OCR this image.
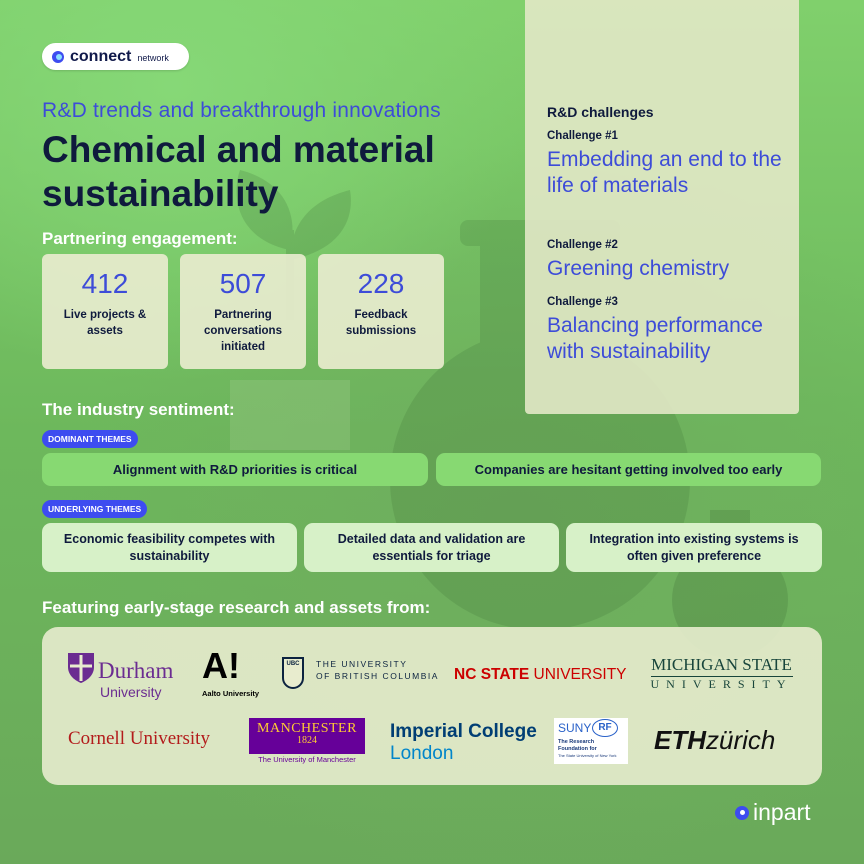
connect network
R&D trends and breakthrough innovations
Chemical and material sustainability
Partnering engagement:
412
Live projects & assets
507
Partnering conversations initiated
228
Feedback submissions
R&D challenges
Challenge #1
Embedding an end to the life of materials
Challenge #2
Greening chemistry
Challenge #3
Balancing performance with sustainability
The industry sentiment:
DOMINANT THEMES
Alignment with R&D priorities is critical	Companies are hesitant getting involved too early
UNDERLYING THEMES
Economic feasibility competes with sustainability
Detailed data and validation are essentials for triage
Integration into existing systems is often given preference
Featuring early-stage research and assets from:
Durham
University
A!
Aalto University
UBC THE UNIVERSITY
OF BRITISH COLUMBIA NC STATE UNIVERSITY
MICHIGAN STATE
UNIVERSITY
Cornell University	MANCHESTER
1824
The University of Manchester
Imperial College
London
SUNY RF
The Research
Foundation for
The State University of New York
ETHzürich
inpart
